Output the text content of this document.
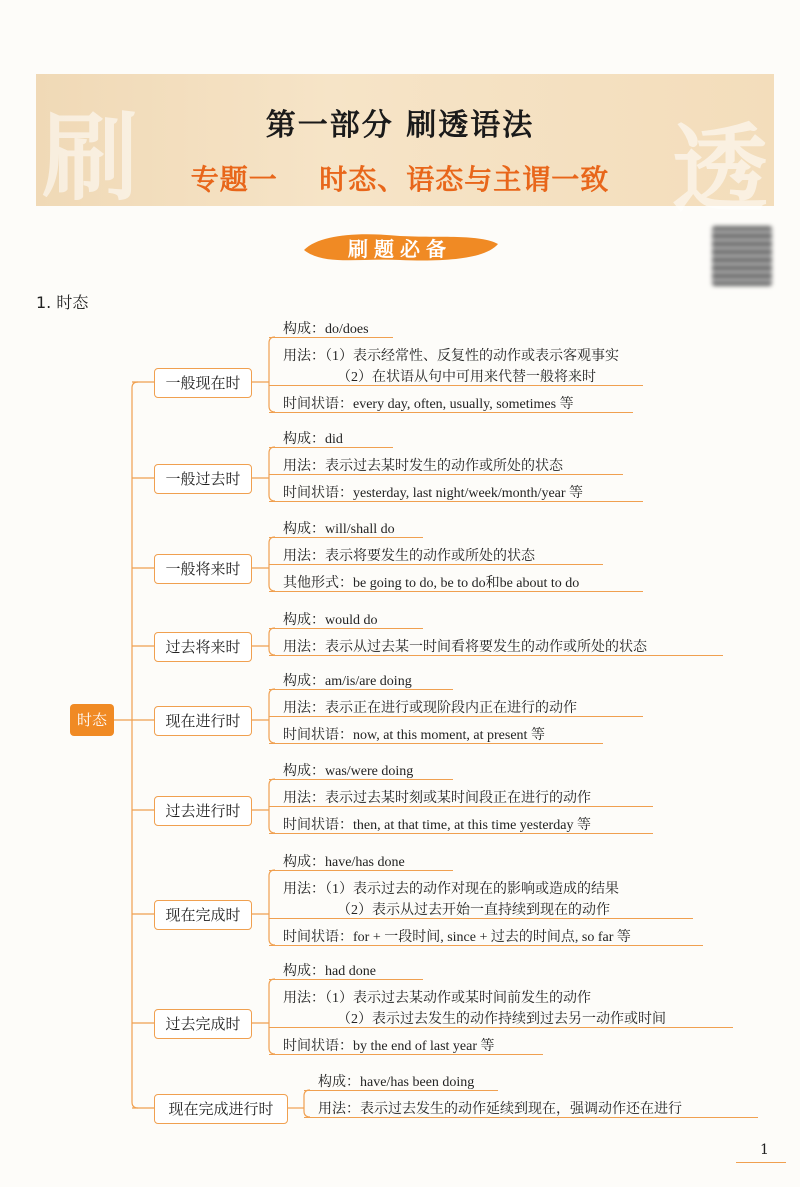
刷	透
第一部分 刷透语法
专题一 时态、语态与主谓一致
刷题必备
1. 时态
时态
一般现在时
构成：do/does
用法：（1）表示经常性、反复性的动作或表示客观事实
（2）在状语从句中可用来代替一般将来时
时间状语：every day, often, usually, sometimes 等
一般过去时
构成：did
用法：表示过去某时发生的动作或所处的状态
时间状语：yesterday, last night/week/month/year 等
一般将来时
构成：will/shall do
用法：表示将要发生的动作或所处的状态
其他形式：be going to do, be to do和be about to do
过去将来时
构成：would do
用法：表示从过去某一时间看将要发生的动作或所处的状态
现在进行时
构成：am/is/are doing
用法：表示正在进行或现阶段内正在进行的动作
时间状语：now, at this moment, at present 等
过去进行时
构成：was/were doing
用法：表示过去某时刻或某时间段正在进行的动作
时间状语：then, at that time, at this time yesterday 等
现在完成时
构成：have/has done
用法：（1）表示过去的动作对现在的影响或造成的结果
（2）表示从过去开始一直持续到现在的动作
时间状语：for + 一段时间, since + 过去的时间点, so far 等
过去完成时
构成：had done
用法：（1）表示过去某动作或某时间前发生的动作
（2）表示过去发生的动作持续到过去另一动作或时间
时间状语：by the end of last year 等
现在完成进行时
构成：have/has been doing
用法：表示过去发生的动作延续到现在，强调动作还在进行
1
